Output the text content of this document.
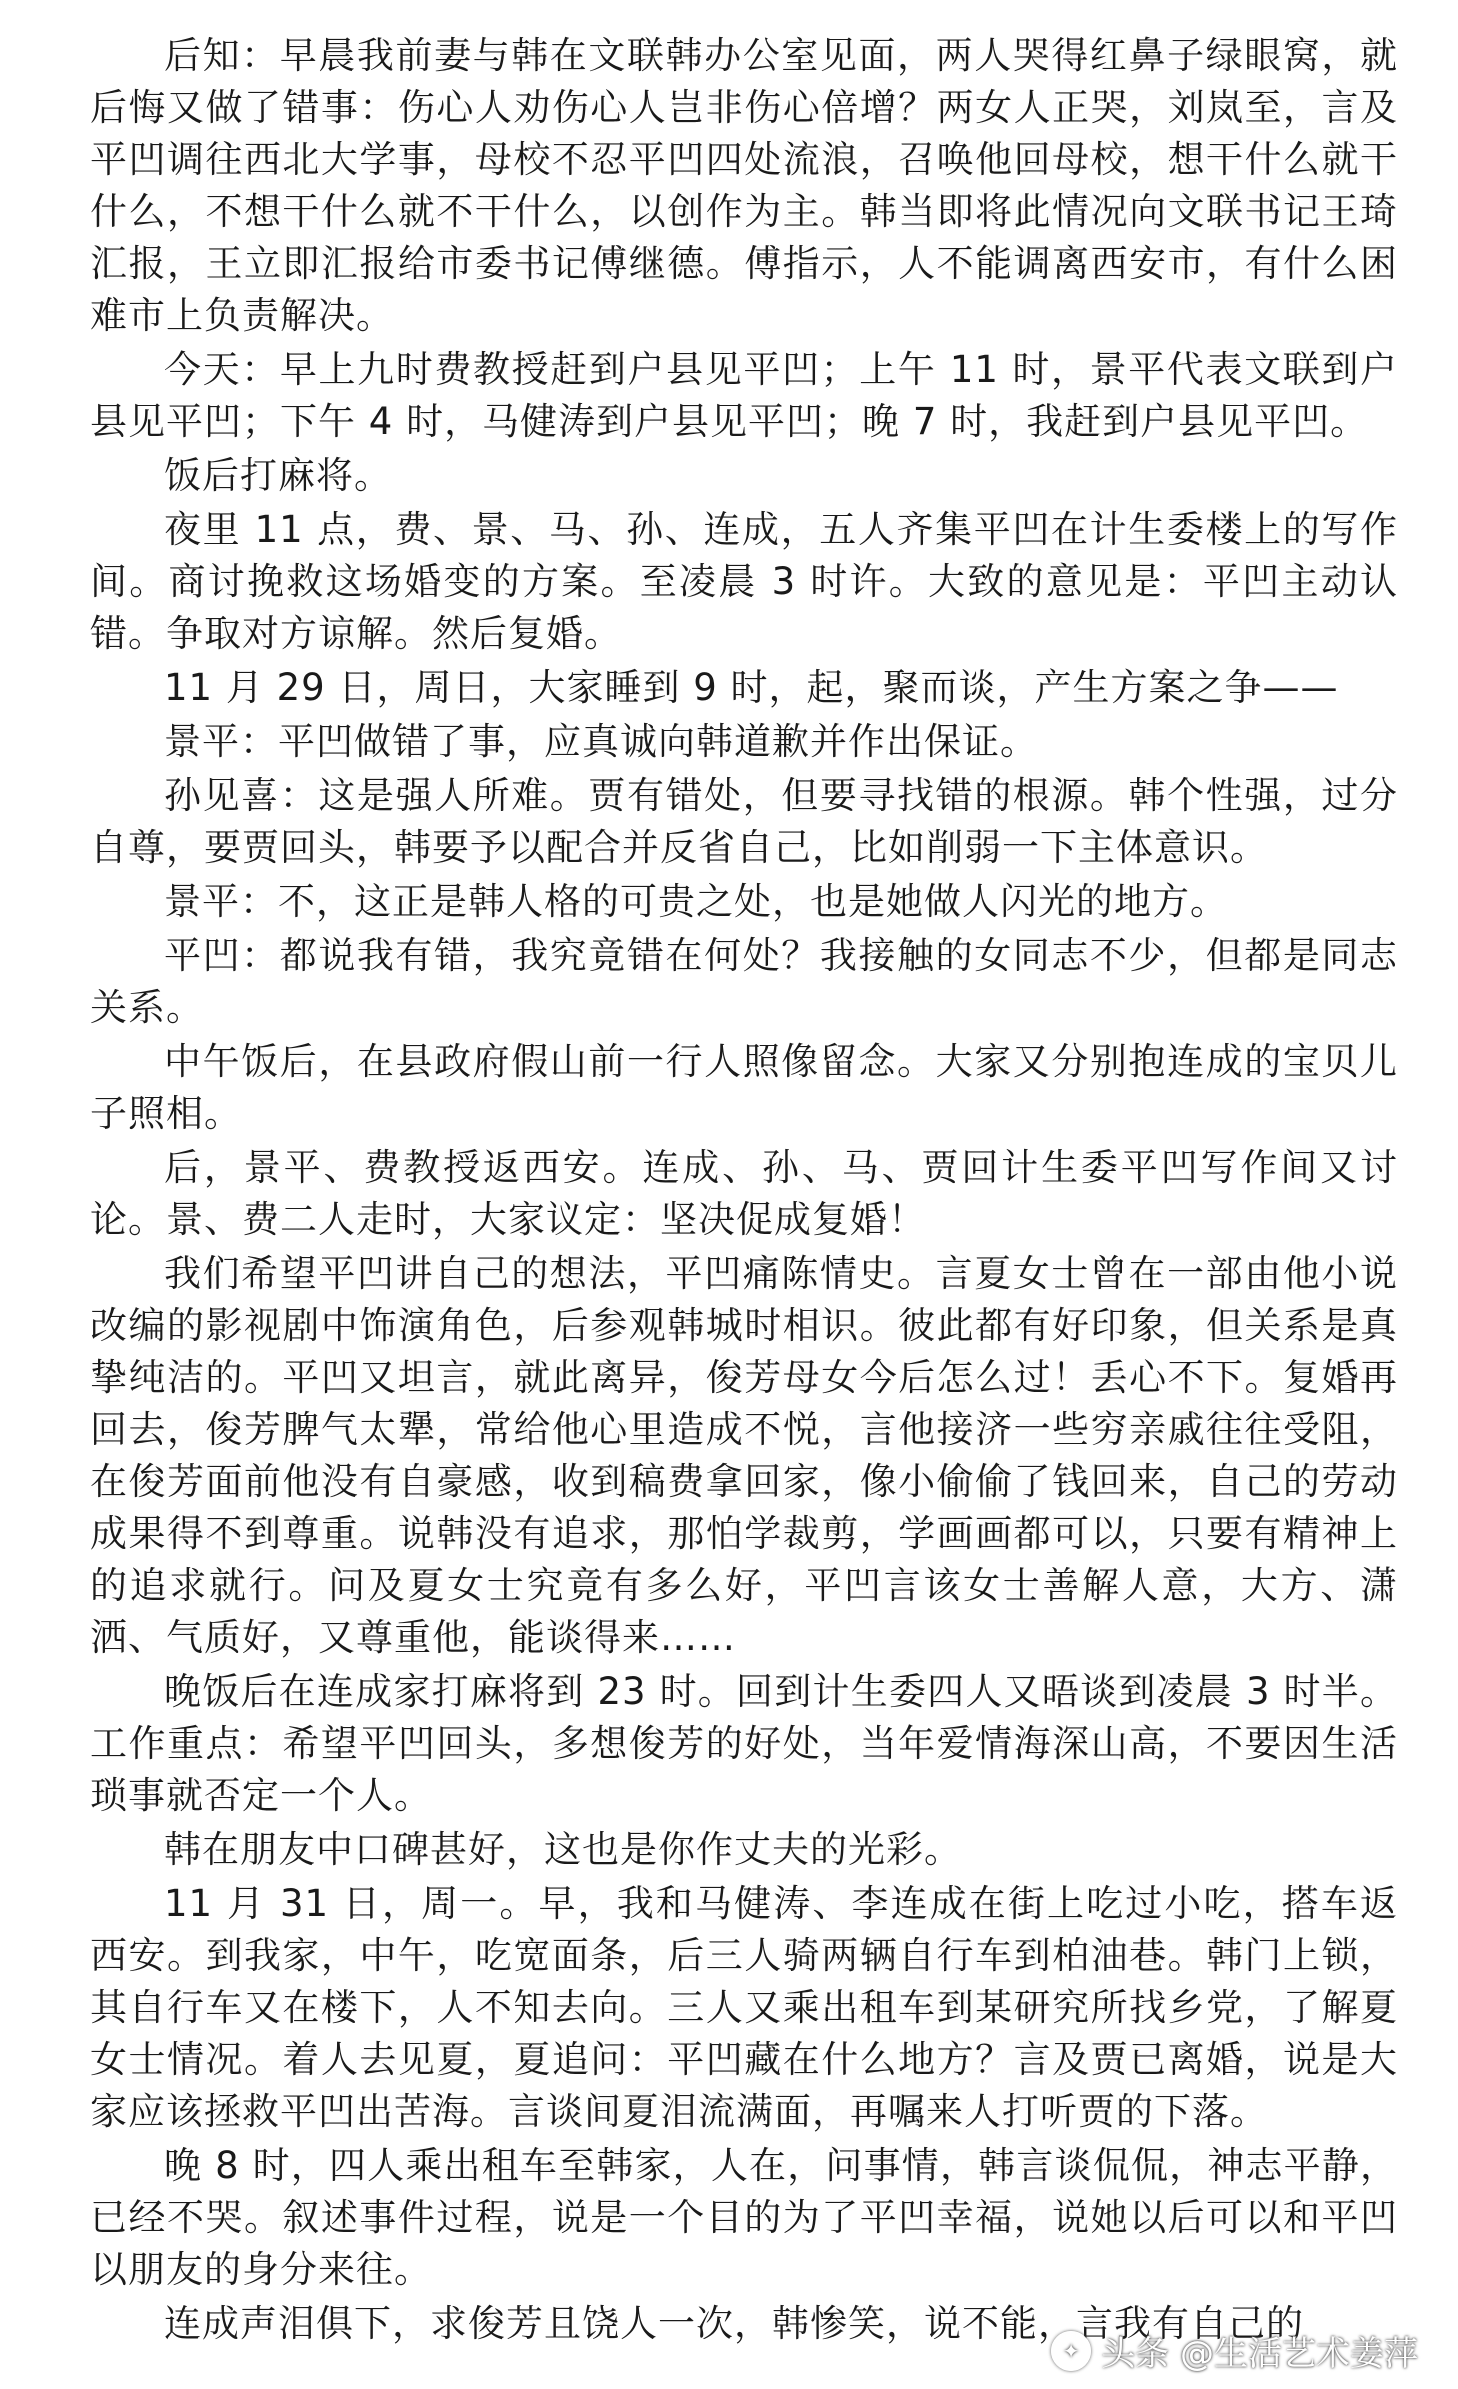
后知：早晨我前妻与韩在文联韩办公室见面，两人哭得红鼻子绿眼窝，就后悔又做了错事：伤心人劝伤心人岂非伤心倍增？两女人正哭，刘岚至，言及平凹调往西北大学事，母校不忍平凹四处流浪，召唤他回母校，想干什么就干什么，不想干什么就不干什么，以创作为主。韩当即将此情况向文联书记王琦汇报，王立即汇报给市委书记傅继德。傅指示，人不能调离西安市，有什么困难市上负责解决。

今天：早上九时费教授赶到户县见平凹；上午 11 时，景平代表文联到户县见平凹；下午 4 时，马健涛到户县见平凹；晚 7 时，我赶到户县见平凹。

饭后打麻将。

夜里 11 点，费、景、马、孙、连成，五人齐集平凹在计生委楼上的写作间。商讨挽救这场婚变的方案。至凌晨 3 时许。大致的意见是：平凹主动认错。争取对方谅解。然后复婚。

11 月 29 日，周日，大家睡到 9 时，起，聚而谈，产生方案之争——

景平：平凹做错了事，应真诚向韩道歉并作出保证。

孙见喜：这是强人所难。贾有错处，但要寻找错的根源。韩个性强，过分自尊，要贾回头，韩要予以配合并反省自己，比如削弱一下主体意识。

景平：不，这正是韩人格的可贵之处，也是她做人闪光的地方。

平凹：都说我有错，我究竟错在何处？我接触的女同志不少，但都是同志关系。

中午饭后，在县政府假山前一行人照像留念。大家又分别抱连成的宝贝儿子照相。

后，景平、费教授返西安。连成、孙、马、贾回计生委平凹写作间又讨论。景、费二人走时，大家议定：坚决促成复婚！

我们希望平凹讲自己的想法，平凹痛陈情史。言夏女士曾在一部由他小说改编的影视剧中饰演角色，后参观韩城时相识。彼此都有好印象，但关系是真挚纯洁的。平凹又坦言，就此离异，俊芳母女今后怎么过！丢心不下。复婚再回去，俊芳脾气太犟，常给他心里造成不悦，言他接济一些穷亲戚往往受阻，在俊芳面前他没有自豪感，收到稿费拿回家，像小偷偷了钱回来，自己的劳动成果得不到尊重。说韩没有追求，那怕学裁剪，学画画都可以，只要有精神上的追求就行。问及夏女士究竟有多么好，平凹言该女士善解人意，大方、潇洒、气质好，又尊重他，能谈得来……

晚饭后在连成家打麻将到 23 时。回到计生委四人又晤谈到凌晨 3 时半。工作重点：希望平凹回头，多想俊芳的好处，当年爱情海深山高，不要因生活琐事就否定一个人。

韩在朋友中口碑甚好，这也是你作丈夫的光彩。

11 月 31 日，周一。早，我和马健涛、李连成在街上吃过小吃，搭车返西安。到我家，中午，吃宽面条，后三人骑两辆自行车到柏油巷。韩门上锁，其自行车又在楼下，人不知去向。三人又乘出租车到某研究所找乡党，了解夏女士情况。着人去见夏，夏追问：平凹藏在什么地方？言及贾已离婚，说是大家应该拯救平凹出苦海。言谈间夏泪流满面，再嘱来人打听贾的下落。

晚 8 时，四人乘出租车至韩家，人在，问事情，韩言谈侃侃，神志平静，已经不哭。叙述事件过程，说是一个目的为了平凹幸福，说她以后可以和平凹以朋友的身分来往。

连成声泪俱下，求俊芳且饶人一次，韩惨笑，说不能，言我有自己的

✦ 头条 @生活艺术姜萍
